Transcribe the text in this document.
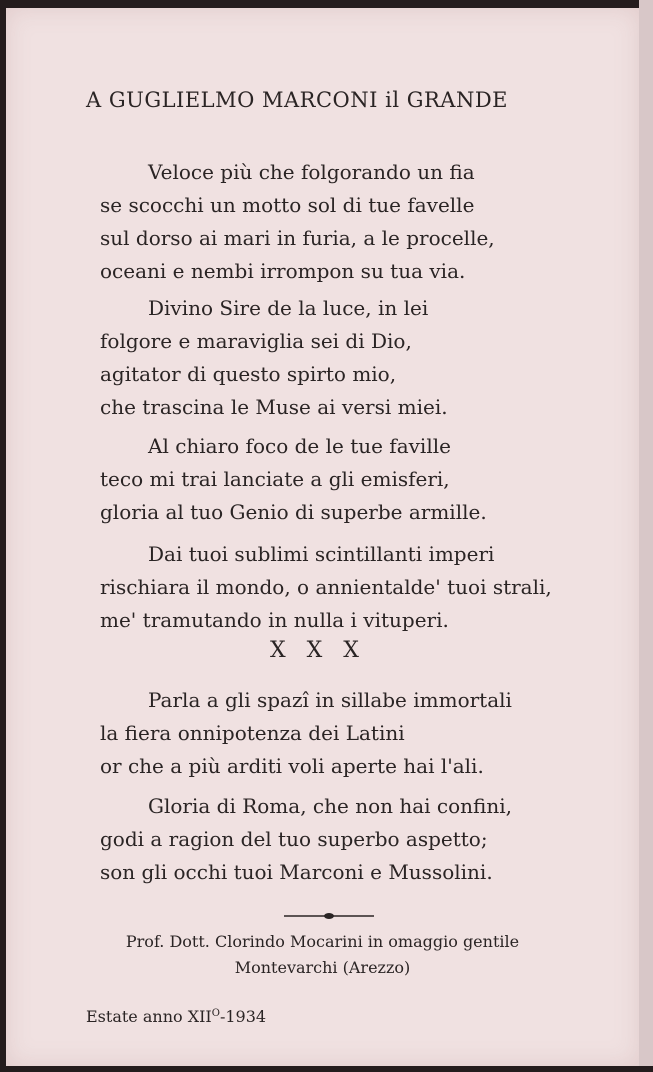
A GUGLIELMO MARCONI il GRANDE
Veloce più che folgorando un fia
se scocchi un motto sol di tue favelle
sul dorso ai mari in furia, a le procelle,
oceani e nembi irrompon su tua via.
Divino Sire de la luce, in lei
folgore e maraviglia sei di Dio,
agitator di questo spirto mio,
che trascina le Muse ai versi miei.
Al chiaro foco de le tue faville
teco mi trai lanciate a gli emisferi,
gloria al tuo Genio di superbe armille.
Dai tuoi sublimi scintillanti imperi
rischiara il mondo, o annientalde' tuoi strali,
me' tramutando in nulla i vituperi.
X X X
Parla a gli spazî in sillabe immortali
la fiera onnipotenza dei Latini
or che a più arditi voli aperte hai l'ali.
Gloria di Roma, che non hai confini,
godi a ragion del tuo superbo aspetto;
son gli occhi tuoi Marconi e Mussolini.
Prof. Dott. Clorindo Mocarini in omaggio gentile
Montevarchi (Arezzo)
Estate anno $XII^O-1934$
